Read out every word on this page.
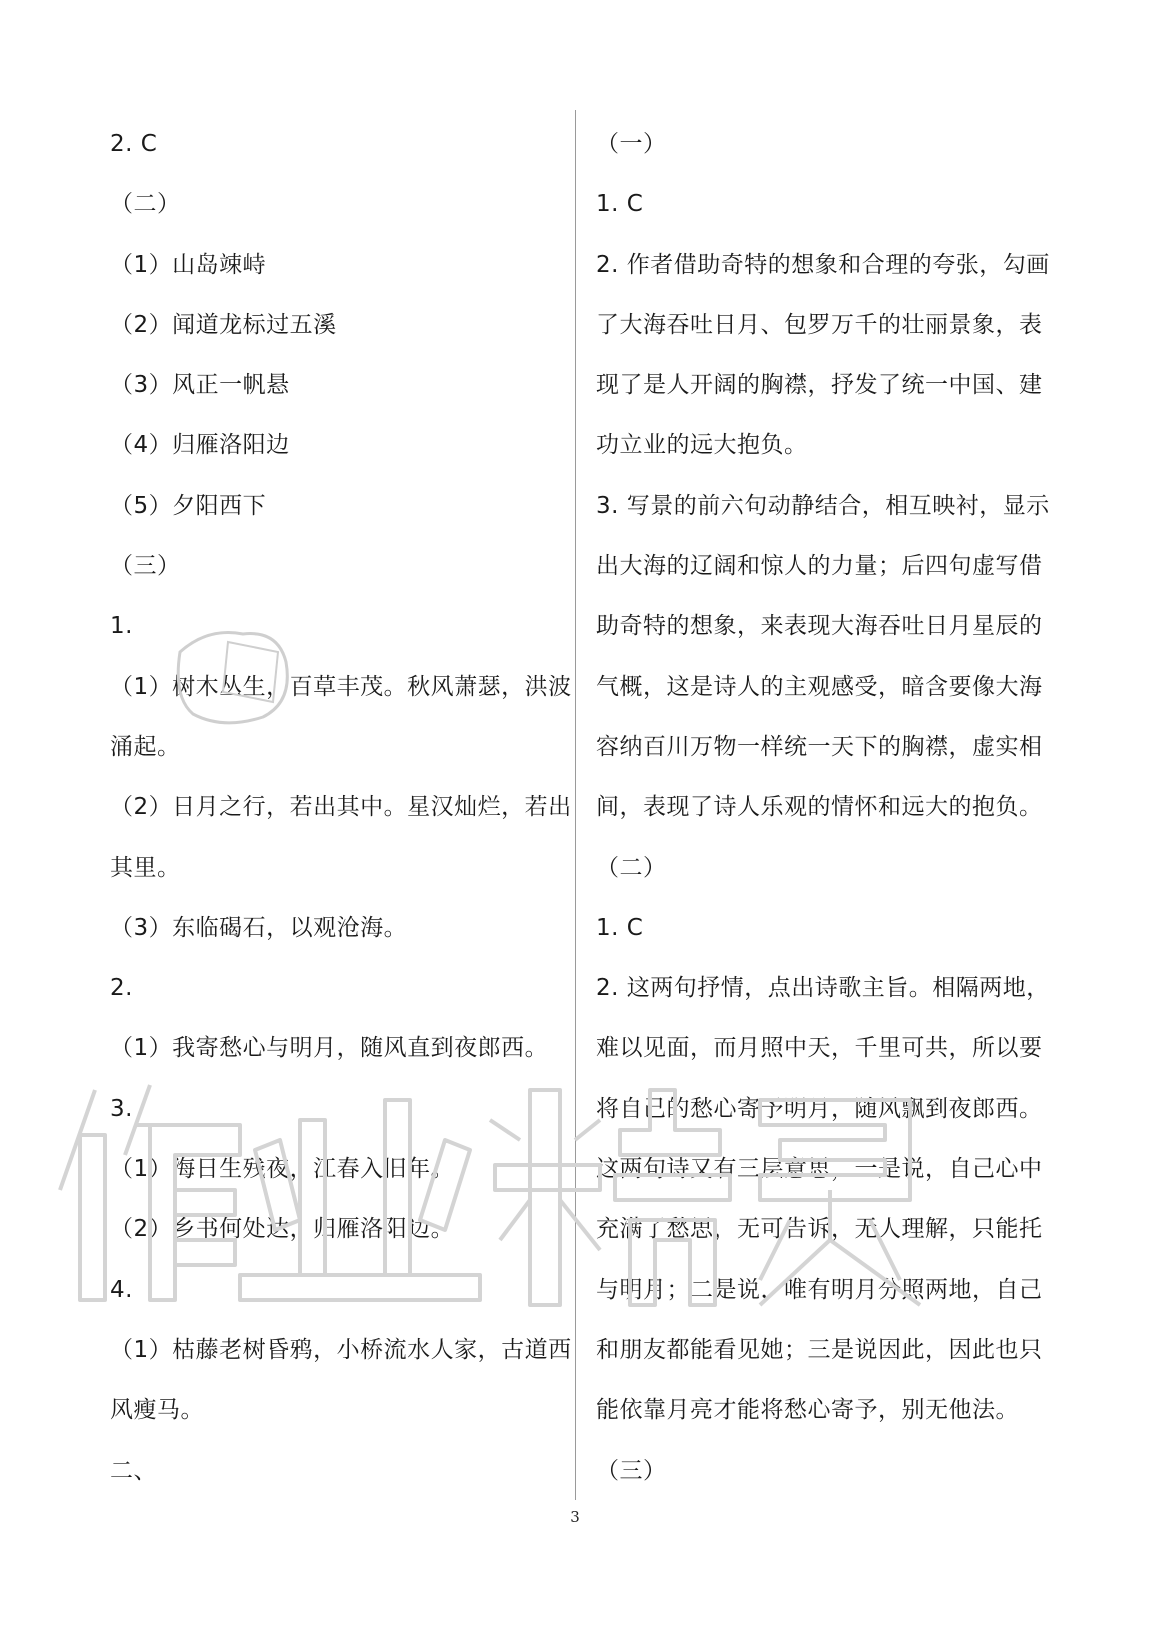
2. C
（二）
（1）山岛竦峙
（2）闻道龙标过五溪
（3）风正一帆悬
（4）归雁洛阳边
（5）夕阳西下
（三）
1.
（1）树木丛生，百草丰茂。秋风萧瑟，洪波
涌起。
（2）日月之行，若出其中。星汉灿烂，若出
其里。
（3）东临碣石，以观沧海。
2.
（1）我寄愁心与明月，随风直到夜郎西。
3.
（1）海日生残夜，江春入旧年。
（2）乡书何处达，归雁洛阳边。
4.
（1）枯藤老树昏鸦，小桥流水人家，古道西
风瘦马。
二、
（一）
1. C
2. 作者借助奇特的想象和合理的夸张，勾画
了大海吞吐日月、包罗万千的壮丽景象，表
现了是人开阔的胸襟，抒发了统一中国、建
功立业的远大抱负。
3. 写景的前六句动静结合，相互映衬，显示
出大海的辽阔和惊人的力量；后四句虚写借
助奇特的想象，来表现大海吞吐日月星辰的
气概，这是诗人的主观感受，暗含要像大海
容纳百川万物一样统一天下的胸襟，虚实相
间，表现了诗人乐观的情怀和远大的抱负。
（二）
1. C
2. 这两句抒情，点出诗歌主旨。相隔两地，
难以见面，而月照中天，千里可共，所以要
将自己的愁心寄予明月，随风飘到夜郎西。
这两句诗又有三层意思，一是说，自己心中
充满了愁思，无可告诉，无人理解，只能托
与明月；二是说，唯有明月分照两地，自己
和朋友都能看见她；三是说因此，因此也只
能依靠月亮才能将愁心寄予，别无他法。
（三）
3
